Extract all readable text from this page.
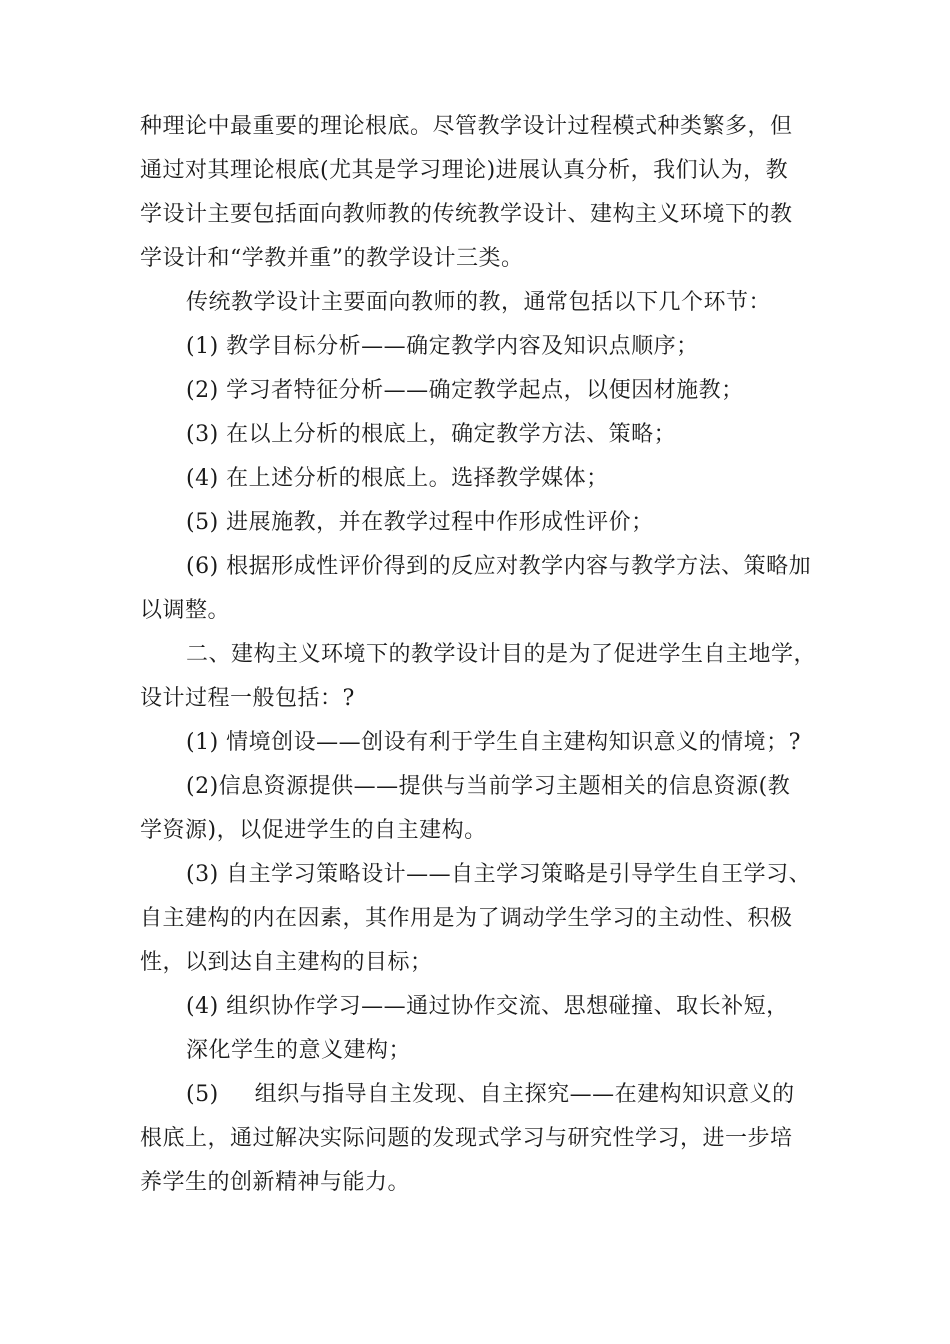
种理论中最重要的理论根底。尽管教学设计过程模式种类繁多，但
通过对其理论根底(尤其是学习理论)进展认真分析，我们认为，教
学设计主要包括面向教师教的传统教学设计、建构主义环境下的教
学设计和“学教并重”的教学设计三类。
传统教学设计主要面向教师的教，通常包括以下几个环节：
(1) 教学目标分析——确定教学内容及知识点顺序；
(2) 学习者特征分析——确定教学起点，以便因材施教；
(3) 在以上分析的根底上，确定教学方法、策略；
(4) 在上述分析的根底上。选择教学媒体；
(5) 进展施教，并在教学过程中作形成性评价；
(6) 根据形成性评价得到的反应对教学内容与教学方法、策略加
以调整。
二、建构主义环境下的教学设计目的是为了促进学生自主地学，
设计过程一般包括：?
(1) 情境创设——创设有利于学生自主建构知识意义的情境；?
(2)信息资源提供——提供与当前学习主题相关的信息资源(教
学资源)，以促进学生的自主建构。
(3) 自主学习策略设计——自主学习策略是引导学生自王学习、
自主建构的内在因素，其作用是为了调动学生学习的主动性、积极
性，以到达自主建构的目标；
(4) 组织协作学习——通过协作交流、思想碰撞、取长补短，
深化学生的意义建构；
(5) 组织与指导自主发现、自主探究——在建构知识意义的
根底上，通过解决实际问题的发现式学习与研究性学习，进一步培
养学生的创新精神与能力。
